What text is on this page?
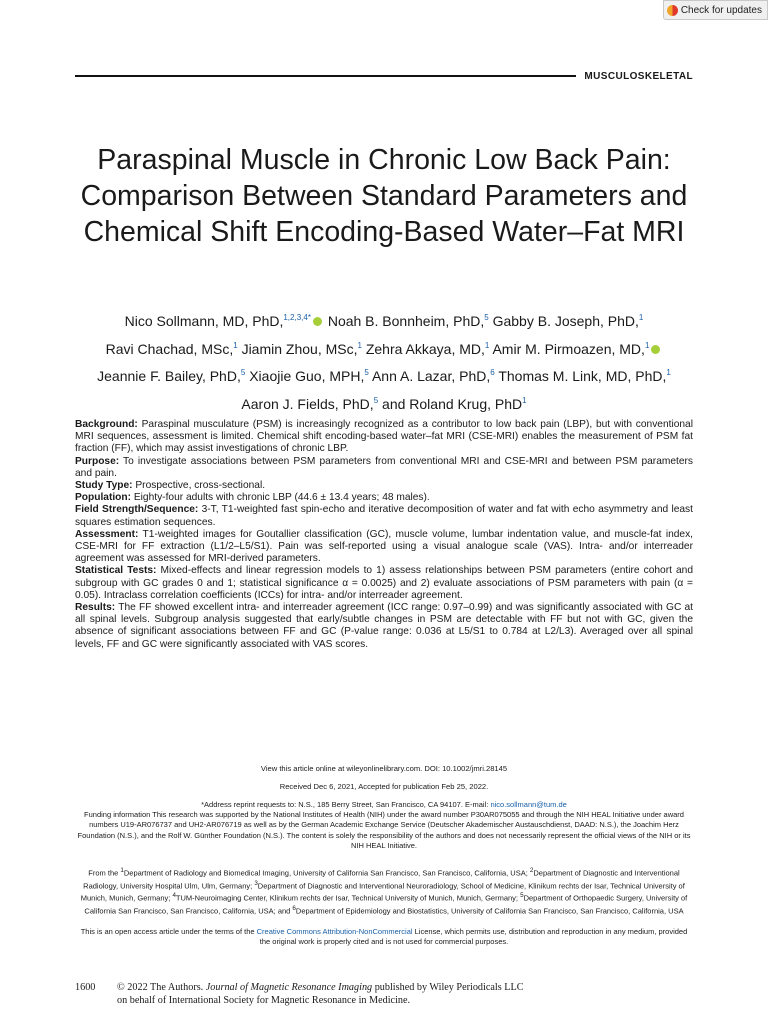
Check for updates
MUSCULOSKELETAL
Paraspinal Muscle in Chronic Low Back Pain: Comparison Between Standard Parameters and Chemical Shift Encoding-Based Water–Fat MRI

Nico Sollmann, MD, PhD,$^{1,2,3,4*}$ Noah B. Bonnheim, PhD,$^5$ Gabby B. Joseph, PhD,$^1$
Ravi Chachad, MSc,$^1$ Jiamin Zhou, MSc,$^1$ Zehra Akkaya, MD,$^1$ Amir M. Pirmoazen, MD,$^1$
Jeannie F. Bailey, PhD,$^5$ Xiaojie Guo, MPH,$^5$ Ann A. Lazar, PhD,$^6$ Thomas M. Link, MD, PhD,$^1$
Aaron J. Fields, PhD,$^5$ and Roland Krug, PhD$^1$

Background: Paraspinal musculature (PSM) is increasingly recognized as a contributor to low back pain (LBP), but with conventional MRI sequences, assessment is limited. Chemical shift encoding-based water–fat MRI (CSE-MRI) enables the measurement of PSM fat fraction (FF), which may assist investigations of chronic LBP.

Purpose: To investigate associations between PSM parameters from conventional MRI and CSE-MRI and between PSM parameters and pain.

Study Type: Prospective, cross-sectional.

Population: Eighty-four adults with chronic LBP (44.6 ± 13.4 years; 48 males).

Field Strength/Sequence: 3-T, T1-weighted fast spin-echo and iterative decomposition of water and fat with echo asymmetry and least squares estimation sequences.

Assessment: T1-weighted images for Goutallier classification (GC), muscle volume, lumbar indentation value, and muscle-fat index, CSE-MRI for FF extraction (L1/2–L5/S1). Pain was self-reported using a visual analogue scale (VAS). Intra- and/or interreader agreement was assessed for MRI-derived parameters.

Statistical Tests: Mixed-effects and linear regression models to 1) assess relationships between PSM parameters (entire cohort and subgroup with GC grades 0 and 1; statistical significance α = 0.0025) and 2) evaluate associations of PSM parameters with pain (α = 0.05). Intraclass correlation coefficients (ICCs) for intra- and/or interreader agreement.

Results: The FF showed excellent intra- and interreader agreement (ICC range: 0.97–0.99) and was significantly associated with GC at all spinal levels. Subgroup analysis suggested that early/subtle changes in PSM are detectable with FF but not with GC, given the absence of significant associations between FF and GC (P-value range: 0.036 at L5/S1 to 0.784 at L2/L3). Averaged over all spinal levels, FF and GC were significantly associated with VAS scores.

View this article online at wileyonlinelibrary.com. DOI: 10.1002/jmri.28145

Received Dec 6, 2021, Accepted for publication Feb 25, 2022.

*Address reprint requests to: N.S., 185 Berry Street, San Francisco, CA 94107. E-mail: nico.sollmann@tum.de
Funding information This research was supported by the National Institutes of Health (NIH) under the award number P30AR075055 and through the NIH HEAL Initiative under award numbers U19-AR076737 and UH2-AR076719 as well as by the German Academic Exchange Service (Deutscher Akademischer Austauschdienst, DAAD: N.S.), the Joachim Herz Foundation (N.S.), and the Rolf W. Günther Foundation (N.S.). The content is solely the responsibility of the authors and does not necessarily represent the official views of the NIH or its NIH HEAL Initiative.

From the $^1$Department of Radiology and Biomedical Imaging, University of California San Francisco, San Francisco, California, USA; $^2$Department of Diagnostic and Interventional Radiology, University Hospital Ulm, Ulm, Germany; $^3$Department of Diagnostic and Interventional Neuroradiology, School of Medicine, Klinikum rechts der Isar, Technical University of Munich, Munich, Germany; $^4$TUM-Neuroimaging Center, Klinikum rechts der Isar, Technical University of Munich, Munich, Germany; $^5$Department of Orthopaedic Surgery, University of California San Francisco, San Francisco, California, USA; and $^6$Department of Epidemiology and Biostatistics, University of California San Francisco, San Francisco, California, USA

This is an open access article under the terms of the Creative Commons Attribution-NonCommercial License, which permits use, distribution and reproduction in any medium, provided the original work is properly cited and is not used for commercial purposes.

1600 © 2022 The Authors. Journal of Magnetic Resonance Imaging published by Wiley Periodicals LLC
on behalf of International Society for Magnetic Resonance in Medicine.
